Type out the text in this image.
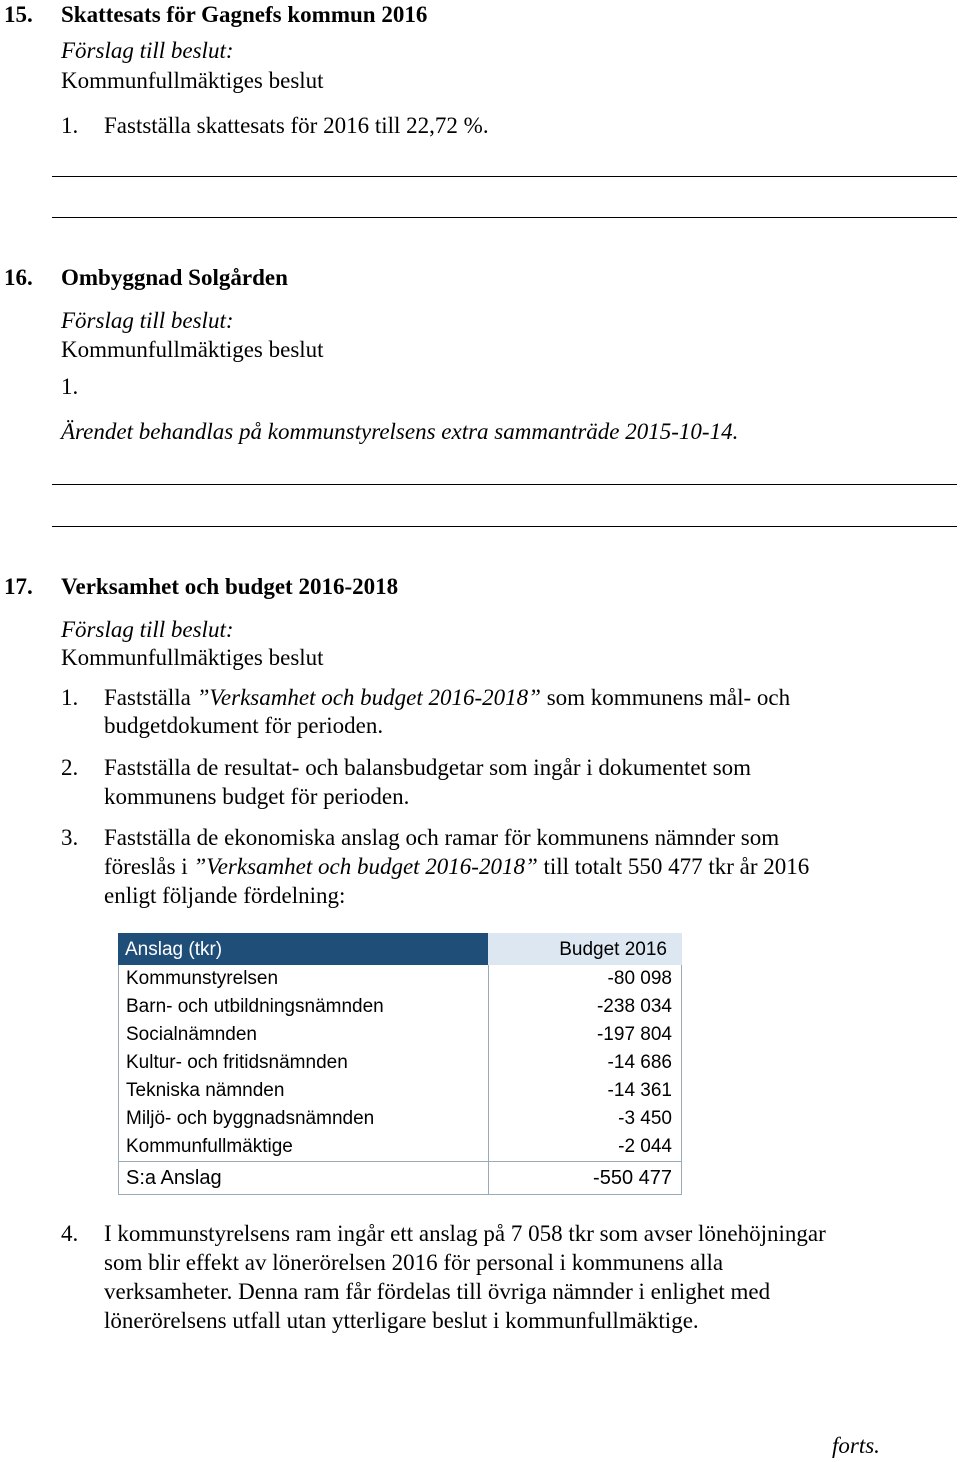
15. Skattesats för Gagnefs kommun 2016
Förslag till beslut:
Kommunfullmäktiges beslut
1. Fastställa skattesats för 2016 till 22,72 %.
16. Ombyggnad Solgården
Förslag till beslut:
Kommunfullmäktiges beslut
1.
Ärendet behandlas på kommunstyrelsens extra sammanträde 2015-10-14.
17. Verksamhet och budget 2016-2018
Förslag till beslut:
Kommunfullmäktiges beslut
1. Fastställa ”Verksamhet och budget 2016-2018” som kommunens mål- och
budgetdokument för perioden.
2. Fastställa de resultat- och balansbudgetar som ingår i dokumentet som
kommunens budget för perioden.
3. Fastställa de ekonomiska anslag och ramar för kommunens nämnder som
föreslås i ”Verksamhet och budget 2016-2018” till totalt 550 477 tkr år 2016
enligt följande fördelning:
Anslag (tkr)	Budget 2016
Kommunstyrelsen	-80 098
Barn- och utbildningsnämnden	-238 034
Socialnämnden	-197 804
Kultur- och fritidsnämnden	-14 686
Tekniska nämnden	-14 361
Miljö- och byggnadsnämnden	-3 450
Kommunfullmäktige	-2 044
S:a Anslag	-550 477
4. I kommunstyrelsens ram ingår ett anslag på 7 058 tkr som avser lönehöjningar
som blir effekt av lönerörelsen 2016 för personal i kommunens alla
verksamheter. Denna ram får fördelas till övriga nämnder i enlighet med
lönerörelsens utfall utan ytterligare beslut i kommunfullmäktige.
forts.
